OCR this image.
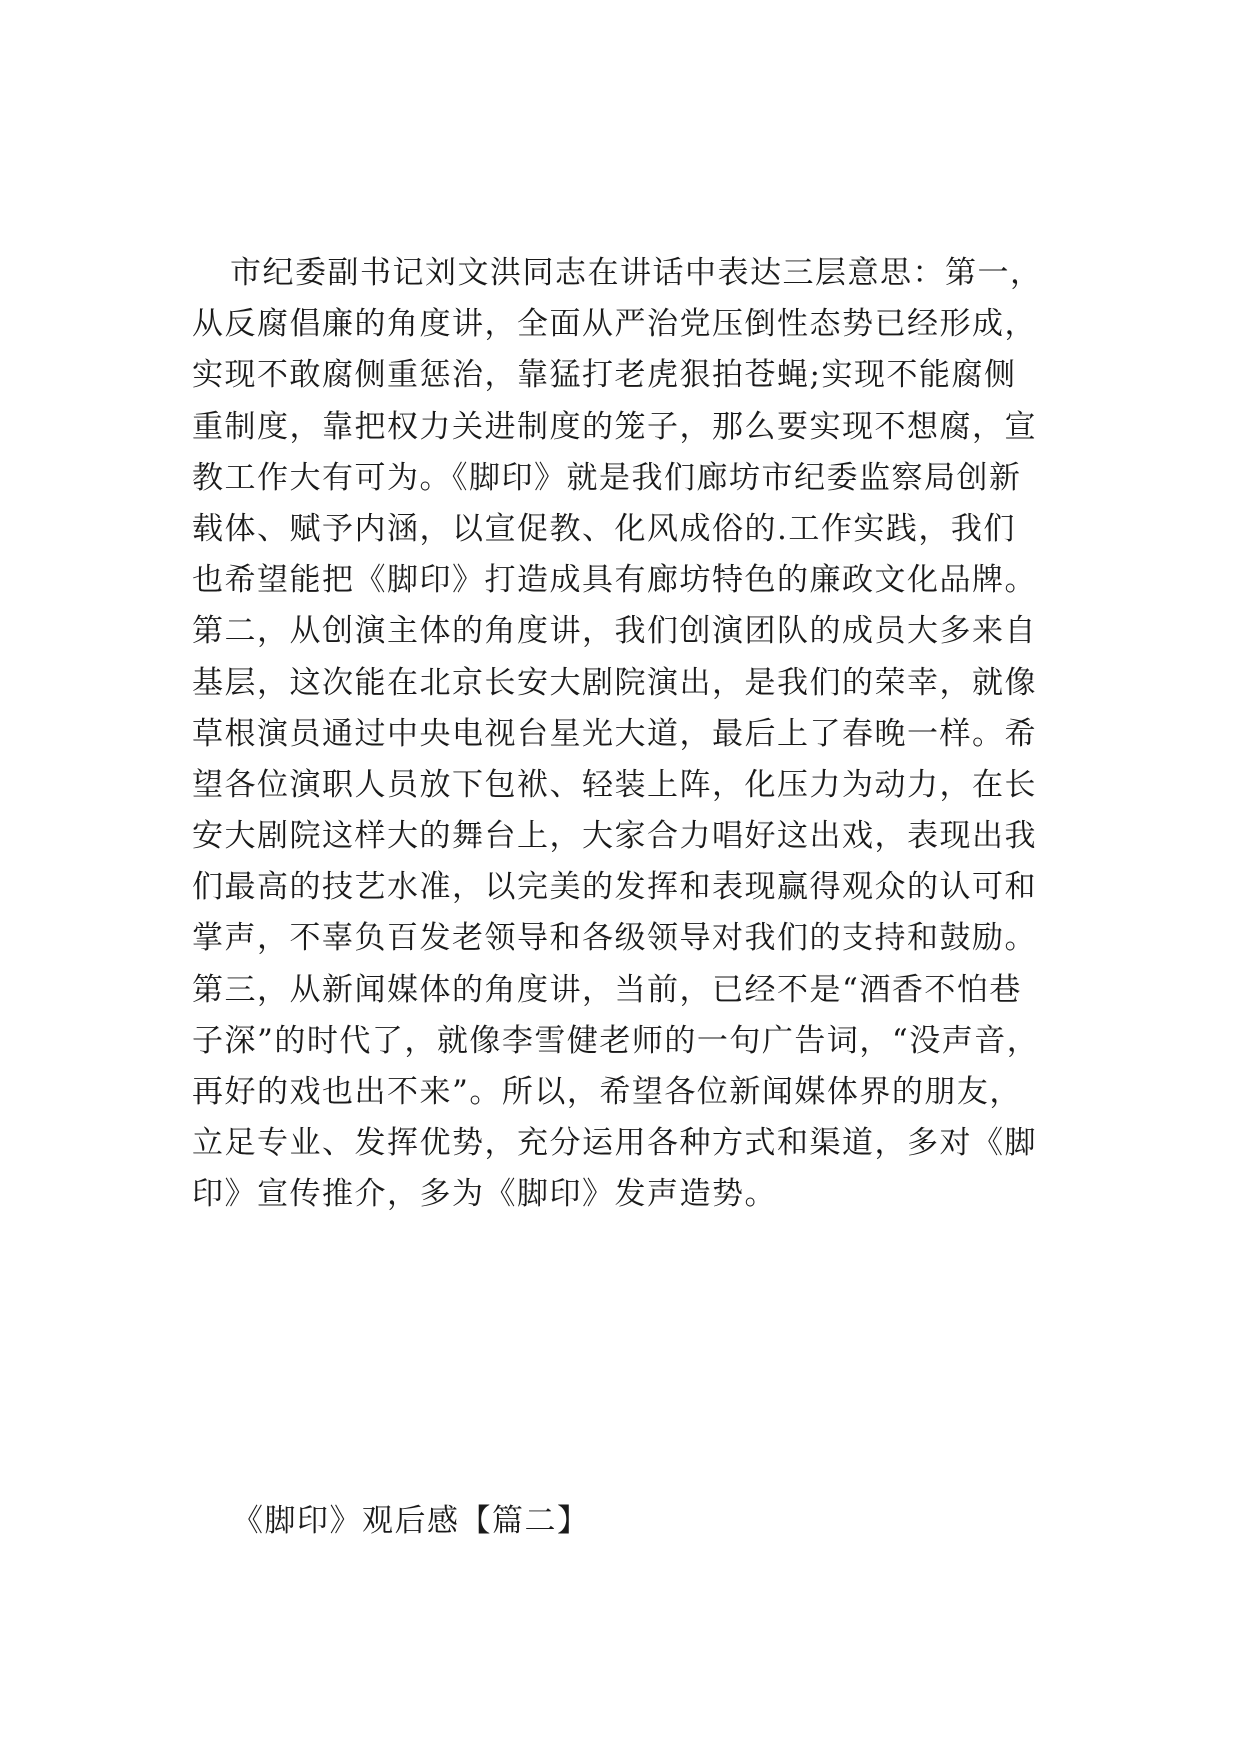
市纪委副书记刘文洪同志在讲话中表达三层意思：第一，
从反腐倡廉的角度讲，全面从严治党压倒性态势已经形成，
实现不敢腐侧重惩治，靠猛打老虎狠拍苍蝇;实现不能腐侧
重制度，靠把权力关进制度的笼子，那么要实现不想腐，宣
教工作大有可为。《脚印》就是我们廊坊市纪委监察局创新
载体、赋予内涵，以宣促教、化风成俗的.工作实践，我们
也希望能把《脚印》打造成具有廊坊特色的廉政文化品牌。
第二，从创演主体的角度讲，我们创演团队的成员大多来自
基层，这次能在北京长安大剧院演出，是我们的荣幸，就像
草根演员通过中央电视台星光大道，最后上了春晚一样。希
望各位演职人员放下包袱、轻装上阵，化压力为动力，在长
安大剧院这样大的舞台上，大家合力唱好这出戏，表现出我
们最高的技艺水准，以完美的发挥和表现赢得观众的认可和
掌声，不辜负百发老领导和各级领导对我们的支持和鼓励。
第三，从新闻媒体的角度讲，当前，已经不是“酒香不怕巷
子深”的时代了，就像李雪健老师的一句广告词，“没声音，
再好的戏也出不来”。所以，希望各位新闻媒体界的朋友，
立足专业、发挥优势，充分运用各种方式和渠道，多对《脚
印》宣传推介，多为《脚印》发声造势。
《脚印》观后感【篇二】
